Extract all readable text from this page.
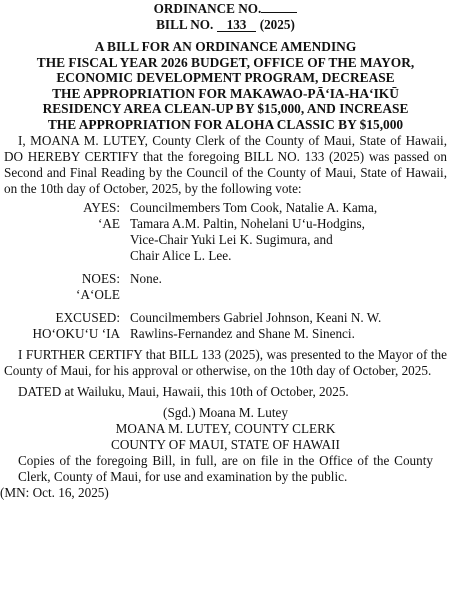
ORDINANCE NO.
BILL NO. 133 (2025)
A BILL FOR AN ORDINANCE AMENDING
THE FISCAL YEAR 2026 BUDGET, OFFICE OF THE MAYOR,
ECONOMIC DEVELOPMENT PROGRAM, DECREASE
THE APPROPRIATION FOR MAKAWAO-PĀ‘IA-HA‘IKŪ
RESIDENCY AREA CLEAN-UP BY $15,000, AND INCREASE
THE APPROPRIATION FOR ALOHA CLASSIC BY $15,000

I, MOANA M. LUTEY, County Clerk of the County of Maui, State of Hawaii, DO HEREBY CERTIFY that the foregoing BILL NO. 133 (2025) was passed on Second and Final Reading by the Council of the County of Maui, State of Hawaii, on the 10th day of October, 2025, by the following vote:

AYES:
‘AE
Councilmembers Tom Cook, Natalie A. Kama,
Tamara A.M. Paltin, Nohelani U‘u-Hodgins,
Vice-Chair Yuki Lei K. Sugimura, and
Chair Alice L. Lee.
NOES:
‘A‘OLE
None.
EXCUSED:
HO‘OKU‘U ‘IA
Councilmembers Gabriel Johnson, Keani N. W.
Rawlins-Fernandez and Shane M. Sinenci.

I FURTHER CERTIFY that BILL 133 (2025), was presented to the Mayor of the County of Maui, for his approval or otherwise, on the 10th day of October, 2025.

DATED at Wailuku, Maui, Hawaii, this 10th of October, 2025.

(Sgd.) Moana M. Lutey
MOANA M. LUTEY, COUNTY CLERK
COUNTY OF MAUI, STATE OF HAWAII

Copies of the foregoing Bill, in full, are on file in the Office of the County Clerk, County of Maui, for use and examination by the public.

(MN: Oct. 16, 2025)
